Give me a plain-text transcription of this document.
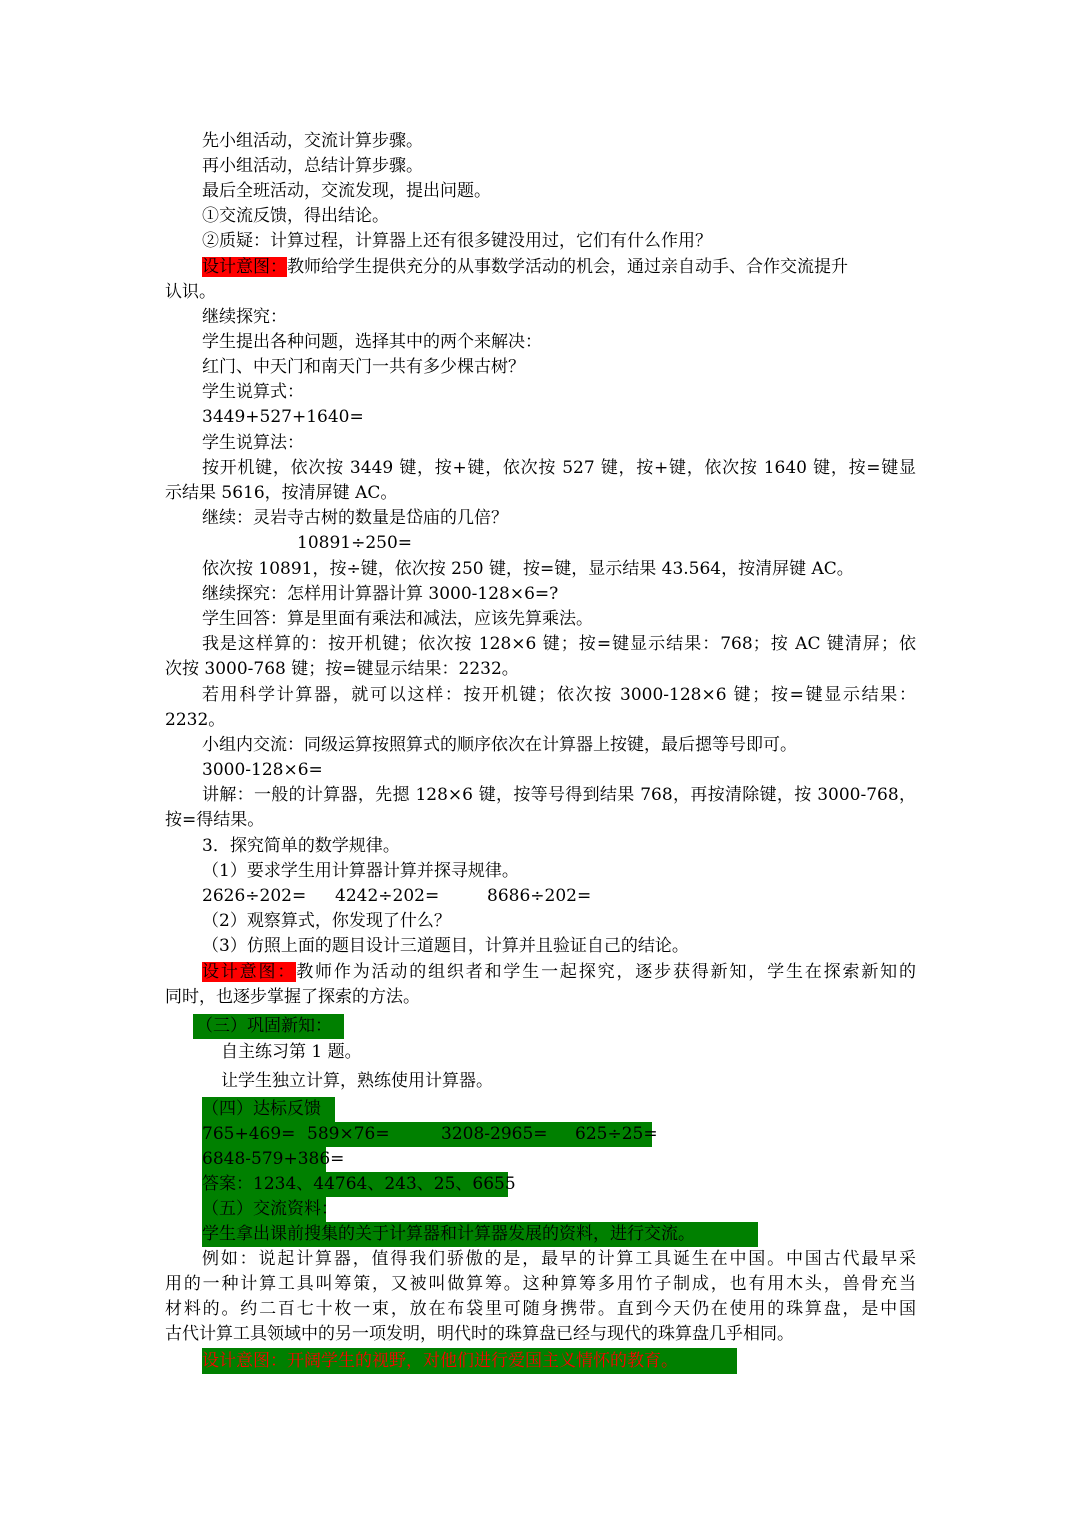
先小组活动，交流计算步骤。
再小组活动，总结计算步骤。
最后全班活动，交流发现，提出问题。
①交流反馈，得出结论。
②质疑：计算过程，计算器上还有很多键没用过，它们有什么作用？
设计意图：教师给学生提供充分的从事数学活动的机会，通过亲自动手、合作交流提升
认识。
继续探究：
学生提出各种问题，选择其中的两个来解决：
红门、中天门和南天门一共有多少棵古树？
学生说算式：
3449+527+1640=
学生说算法：
按开机键，依次按 3449 键，按+键，依次按 527 键，按+键，依次按 1640 键，按=键显
示结果 5616，按清屏键 AC。
继续：灵岩寺古树的数量是岱庙的几倍？
10891÷250=
依次按 10891，按÷键，依次按 250 键，按=键，显示结果 43.564，按清屏键 AC。
继续探究：怎样用计算器计算 3000-128×6=?
学生回答：算是里面有乘法和减法，应该先算乘法。
我是这样算的：按开机键；依次按 128×6 键；按=键显示结果：768；按 AC 键清屏；依
次按 3000-768 键；按=键显示结果：2232。
若用科学计算器，就可以这样：按开机键；依次按 3000-128×6 键；按=键显示结果：
2232。
小组内交流：同级运算按照算式的顺序依次在计算器上按键，最后摁等号即可。
3000-128×6=
讲解：一般的计算器，先摁 128×6 键，按等号得到结果 768，再按清除键，按 3000-768，
按=得结果。
3．探究简单的数学规律。
（1）要求学生用计算器计算并探寻规律。
2626÷202= 4242÷202=	8686÷202=
（2）观察算式，你发现了什么？
（3）仿照上面的题目设计三道题目，计算并且验证自己的结论。
设计意图：教师作为活动的组织者和学生一起探究，逐步获得新知，学生在探索新知的
同时，也逐步掌握了探索的方法。
（三）巩固新知：
自主练习第 1 题。
让学生独立计算，熟练使用计算器。
（四）达标反馈
765+469= 589×76=	3208-2965= 625÷25=
6848-579+386=
答案：1234、44764、243、25、6655
（五）交流资料：
学生拿出课前搜集的关于计算器和计算器发展的资料，进行交流。
例如：说起计算器，值得我们骄傲的是，最早的计算工具诞生在中国。中国古代最早采
用的一种计算工具叫筹策，又被叫做算筹。这种算筹多用竹子制成，也有用木头，兽骨充当
材料的。约二百七十枚一束，放在布袋里可随身携带。直到今天仍在使用的珠算盘，是中国
古代计算工具领域中的另一项发明，明代时的珠算盘已经与现代的珠算盘几乎相同。
设计意图：开阔学生的视野，对他们进行爱国主义情怀的教育。
